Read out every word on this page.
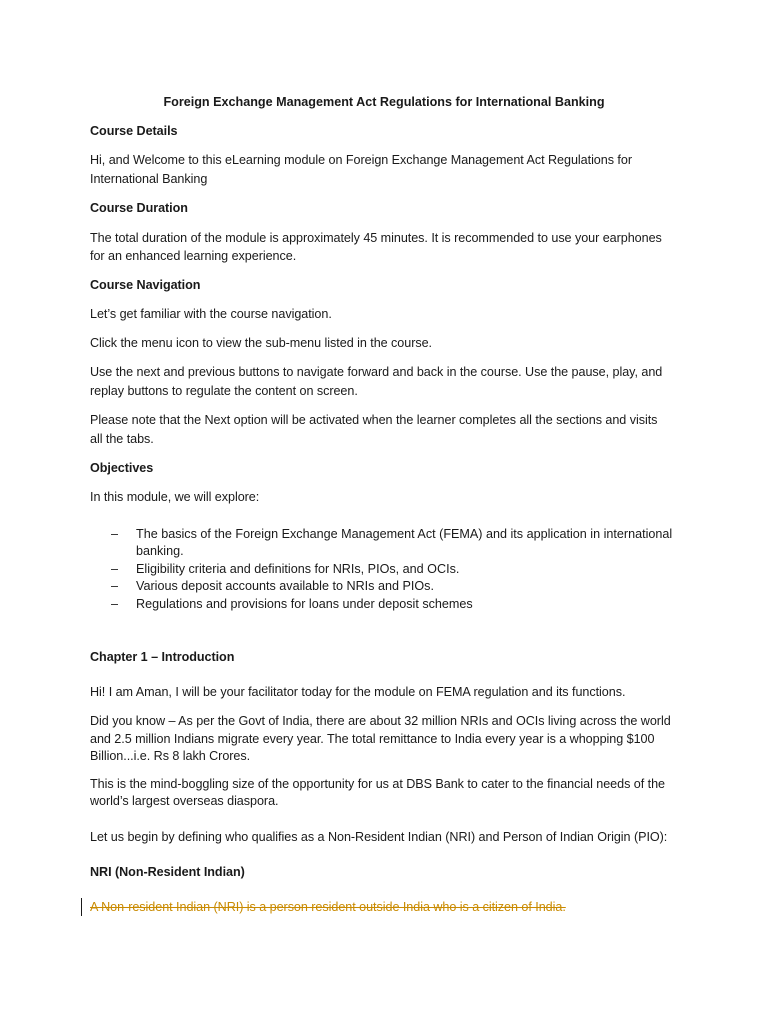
Foreign Exchange Management Act Regulations for International Banking
Course Details
Hi, and Welcome to this eLearning module on Foreign Exchange Management Act Regulations for
International Banking
Course Duration
The total duration of the module is approximately 45 minutes. It is recommended to use your earphones
for an enhanced learning experience.
Course Navigation
Let’s get familiar with the course navigation.
Click the menu icon to view the sub-menu listed in the course.
Use the next and previous buttons to navigate forward and back in the course. Use the pause, play, and
replay buttons to regulate the content on screen.
Please note that the Next option will be activated when the learner completes all the sections and visits
all the tabs.
Objectives
In this module, we will explore:
– The basics of the Foreign Exchange Management Act (FEMA) and its application in international
banking.
– Eligibility criteria and definitions for NRIs, PIOs, and OCIs.
– Various deposit accounts available to NRIs and PIOs.
– Regulations and provisions for loans under deposit schemes
Chapter 1 – Introduction
Hi! I am Aman, I will be your facilitator today for the module on FEMA regulation and its functions.
Did you know – As per the Govt of India, there are about 32 million NRIs and OCIs living across the world
and 2.5 million Indians migrate every year. The total remittance to India every year is a whopping $100
Billion...i.e. Rs 8 lakh Crores.
This is the mind-boggling size of the opportunity for us at DBS Bank to cater to the financial needs of the
world’s largest overseas diaspora.
Let us begin by defining who qualifies as a Non-Resident Indian (NRI) and Person of Indian Origin (PIO):
NRI (Non-Resident Indian)
A Non-resident Indian (NRI) is a person resident outside India who is a citizen of India.
